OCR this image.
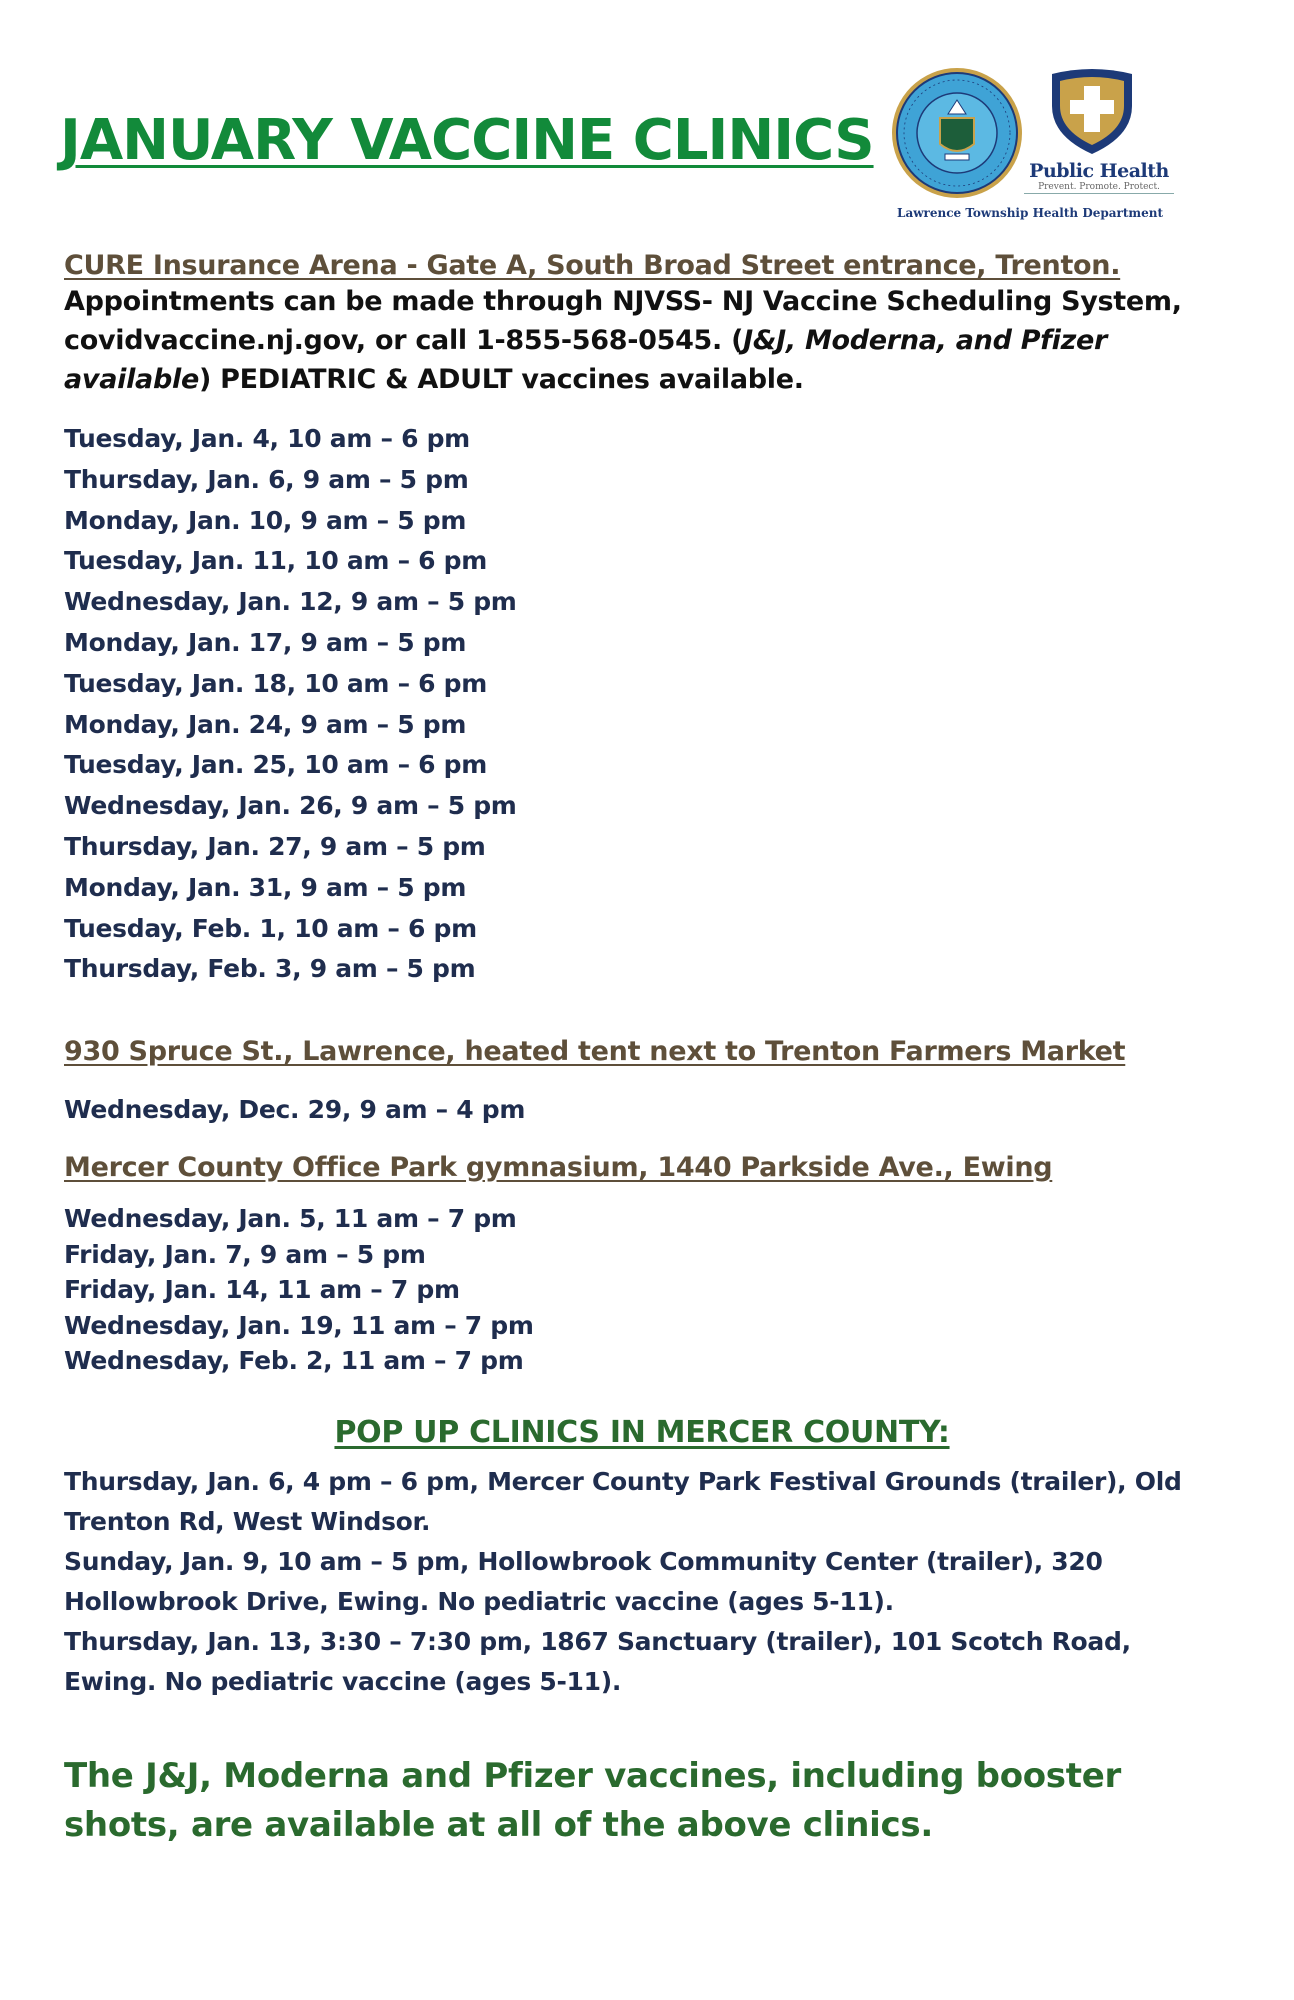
JANUARY VACCINE CLINICS	Public Health
Prevent. Promote. Protect.
Lawrence Township Health Department
CURE Insurance Arena - Gate A, South Broad Street entrance, Trenton.
Appointments can be made through NJVSS- NJ Vaccine Scheduling System, covidvaccine.nj.gov, or call 1-855-568-0545. (J&J, Moderna, and Pfizer available) PEDIATRIC & ADULT vaccines available.
Tuesday, Jan. 4, 10 am – 6 pm
Thursday, Jan. 6, 9 am – 5 pm
Monday, Jan. 10, 9 am – 5 pm
Tuesday, Jan. 11, 10 am – 6 pm
Wednesday, Jan. 12, 9 am – 5 pm
Monday, Jan. 17, 9 am – 5 pm
Tuesday, Jan. 18, 10 am – 6 pm
Monday, Jan. 24, 9 am – 5 pm
Tuesday, Jan. 25, 10 am – 6 pm
Wednesday, Jan. 26, 9 am – 5 pm
Thursday, Jan. 27, 9 am – 5 pm
Monday, Jan. 31, 9 am – 5 pm
Tuesday, Feb. 1, 10 am – 6 pm
Thursday, Feb. 3, 9 am – 5 pm
930 Spruce St., Lawrence, heated tent next to Trenton Farmers Market
Wednesday, Dec. 29, 9 am – 4 pm
Mercer County Office Park gymnasium, 1440 Parkside Ave., Ewing
Wednesday, Jan. 5, 11 am – 7 pm
Friday, Jan. 7, 9 am – 5 pm
Friday, Jan. 14, 11 am – 7 pm
Wednesday, Jan. 19, 11 am – 7 pm
Wednesday, Feb. 2, 11 am – 7 pm
POP UP CLINICS IN MERCER COUNTY:
Thursday, Jan. 6, 4 pm – 6 pm, Mercer County Park Festival Grounds (trailer), Old Trenton Rd, West Windsor.
Sunday, Jan. 9, 10 am – 5 pm, Hollowbrook Community Center (trailer), 320 Hollowbrook Drive, Ewing. No pediatric vaccine (ages 5-11).
Thursday, Jan. 13, 3:30 – 7:30 pm, 1867 Sanctuary (trailer), 101 Scotch Road, Ewing. No pediatric vaccine (ages 5-11).
The J&J, Moderna and Pfizer vaccines, including booster shots, are available at all of the above clinics.
